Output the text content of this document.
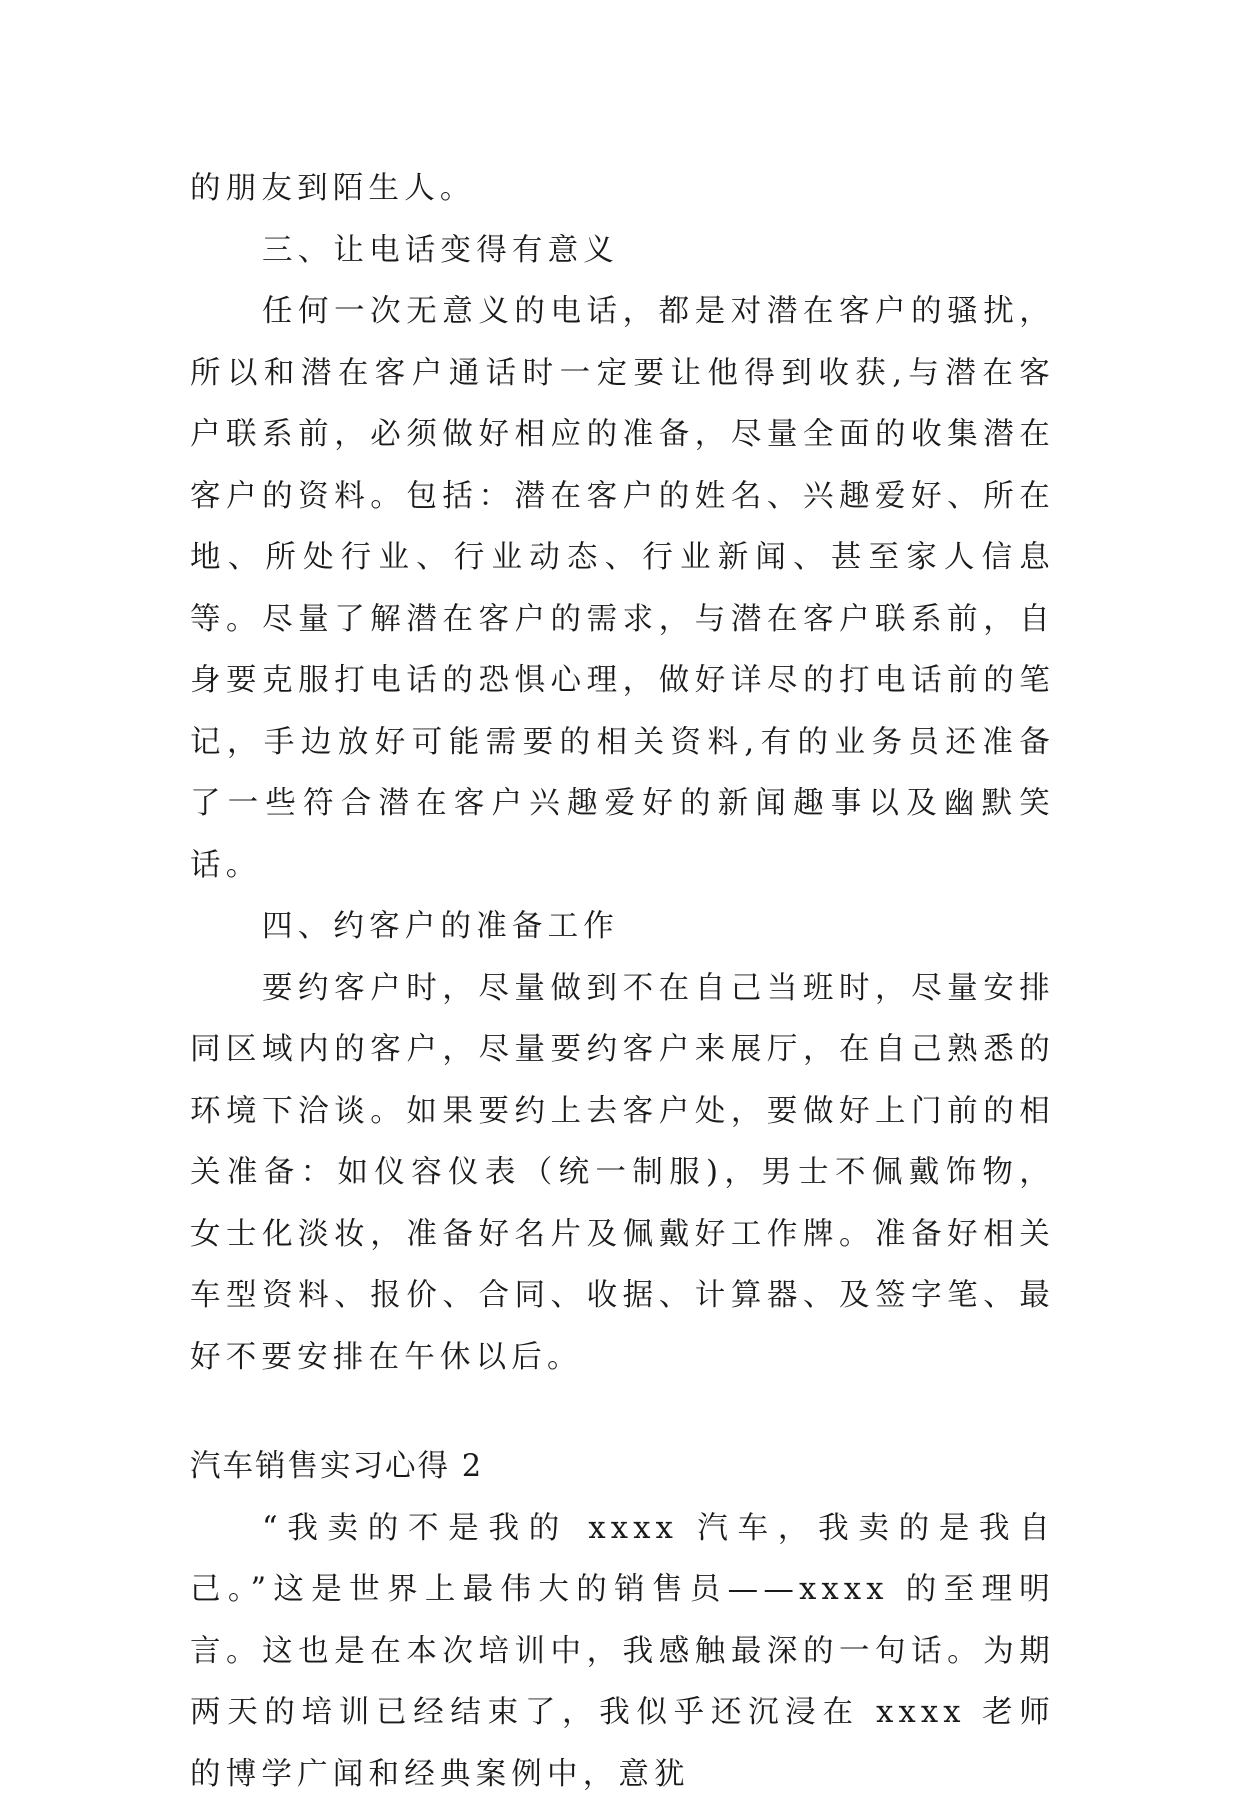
的朋友到陌生人。

三、让电话变得有意义

任何一次无意义的电话，都是对潜在客户的骚扰，所以和潜在客户通话时一定要让他得到收获,与潜在客户联系前，必须做好相应的准备，尽量全面的收集潜在客户的资料。包括：潜在客户的姓名、兴趣爱好、所在地、所处行业、行业动态、行业新闻、甚至家人信息等。尽量了解潜在客户的需求，与潜在客户联系前，自身要克服打电话的恐惧心理，做好详尽的打电话前的笔记，手边放好可能需要的相关资料,有的业务员还准备了一些符合潜在客户兴趣爱好的新闻趣事以及幽默笑话。

四、约客户的准备工作

要约客户时，尽量做到不在自己当班时，尽量安排同区域内的客户，尽量要约客户来展厅，在自己熟悉的环境下洽谈。如果要约上去客户处，要做好上门前的相关准备：如仪容仪表（统一制服)，男士不佩戴饰物，女士化淡妆，准备好名片及佩戴好工作牌。准备好相关车型资料、报价、合同、收据、计算器、及签字笔、最好不要安排在午休以后。

汽车销售实习心得 2

“我卖的不是我的 xxxx 汽车，我卖的是我自己。”这是世界上最伟大的销售员——xxxx 的至理明言。这也是在本次培训中，我感触最深的一句话。为期两天的培训已经结束了，我似乎还沉浸在 xxxx 老师的博学广闻和经典案例中，意犹
